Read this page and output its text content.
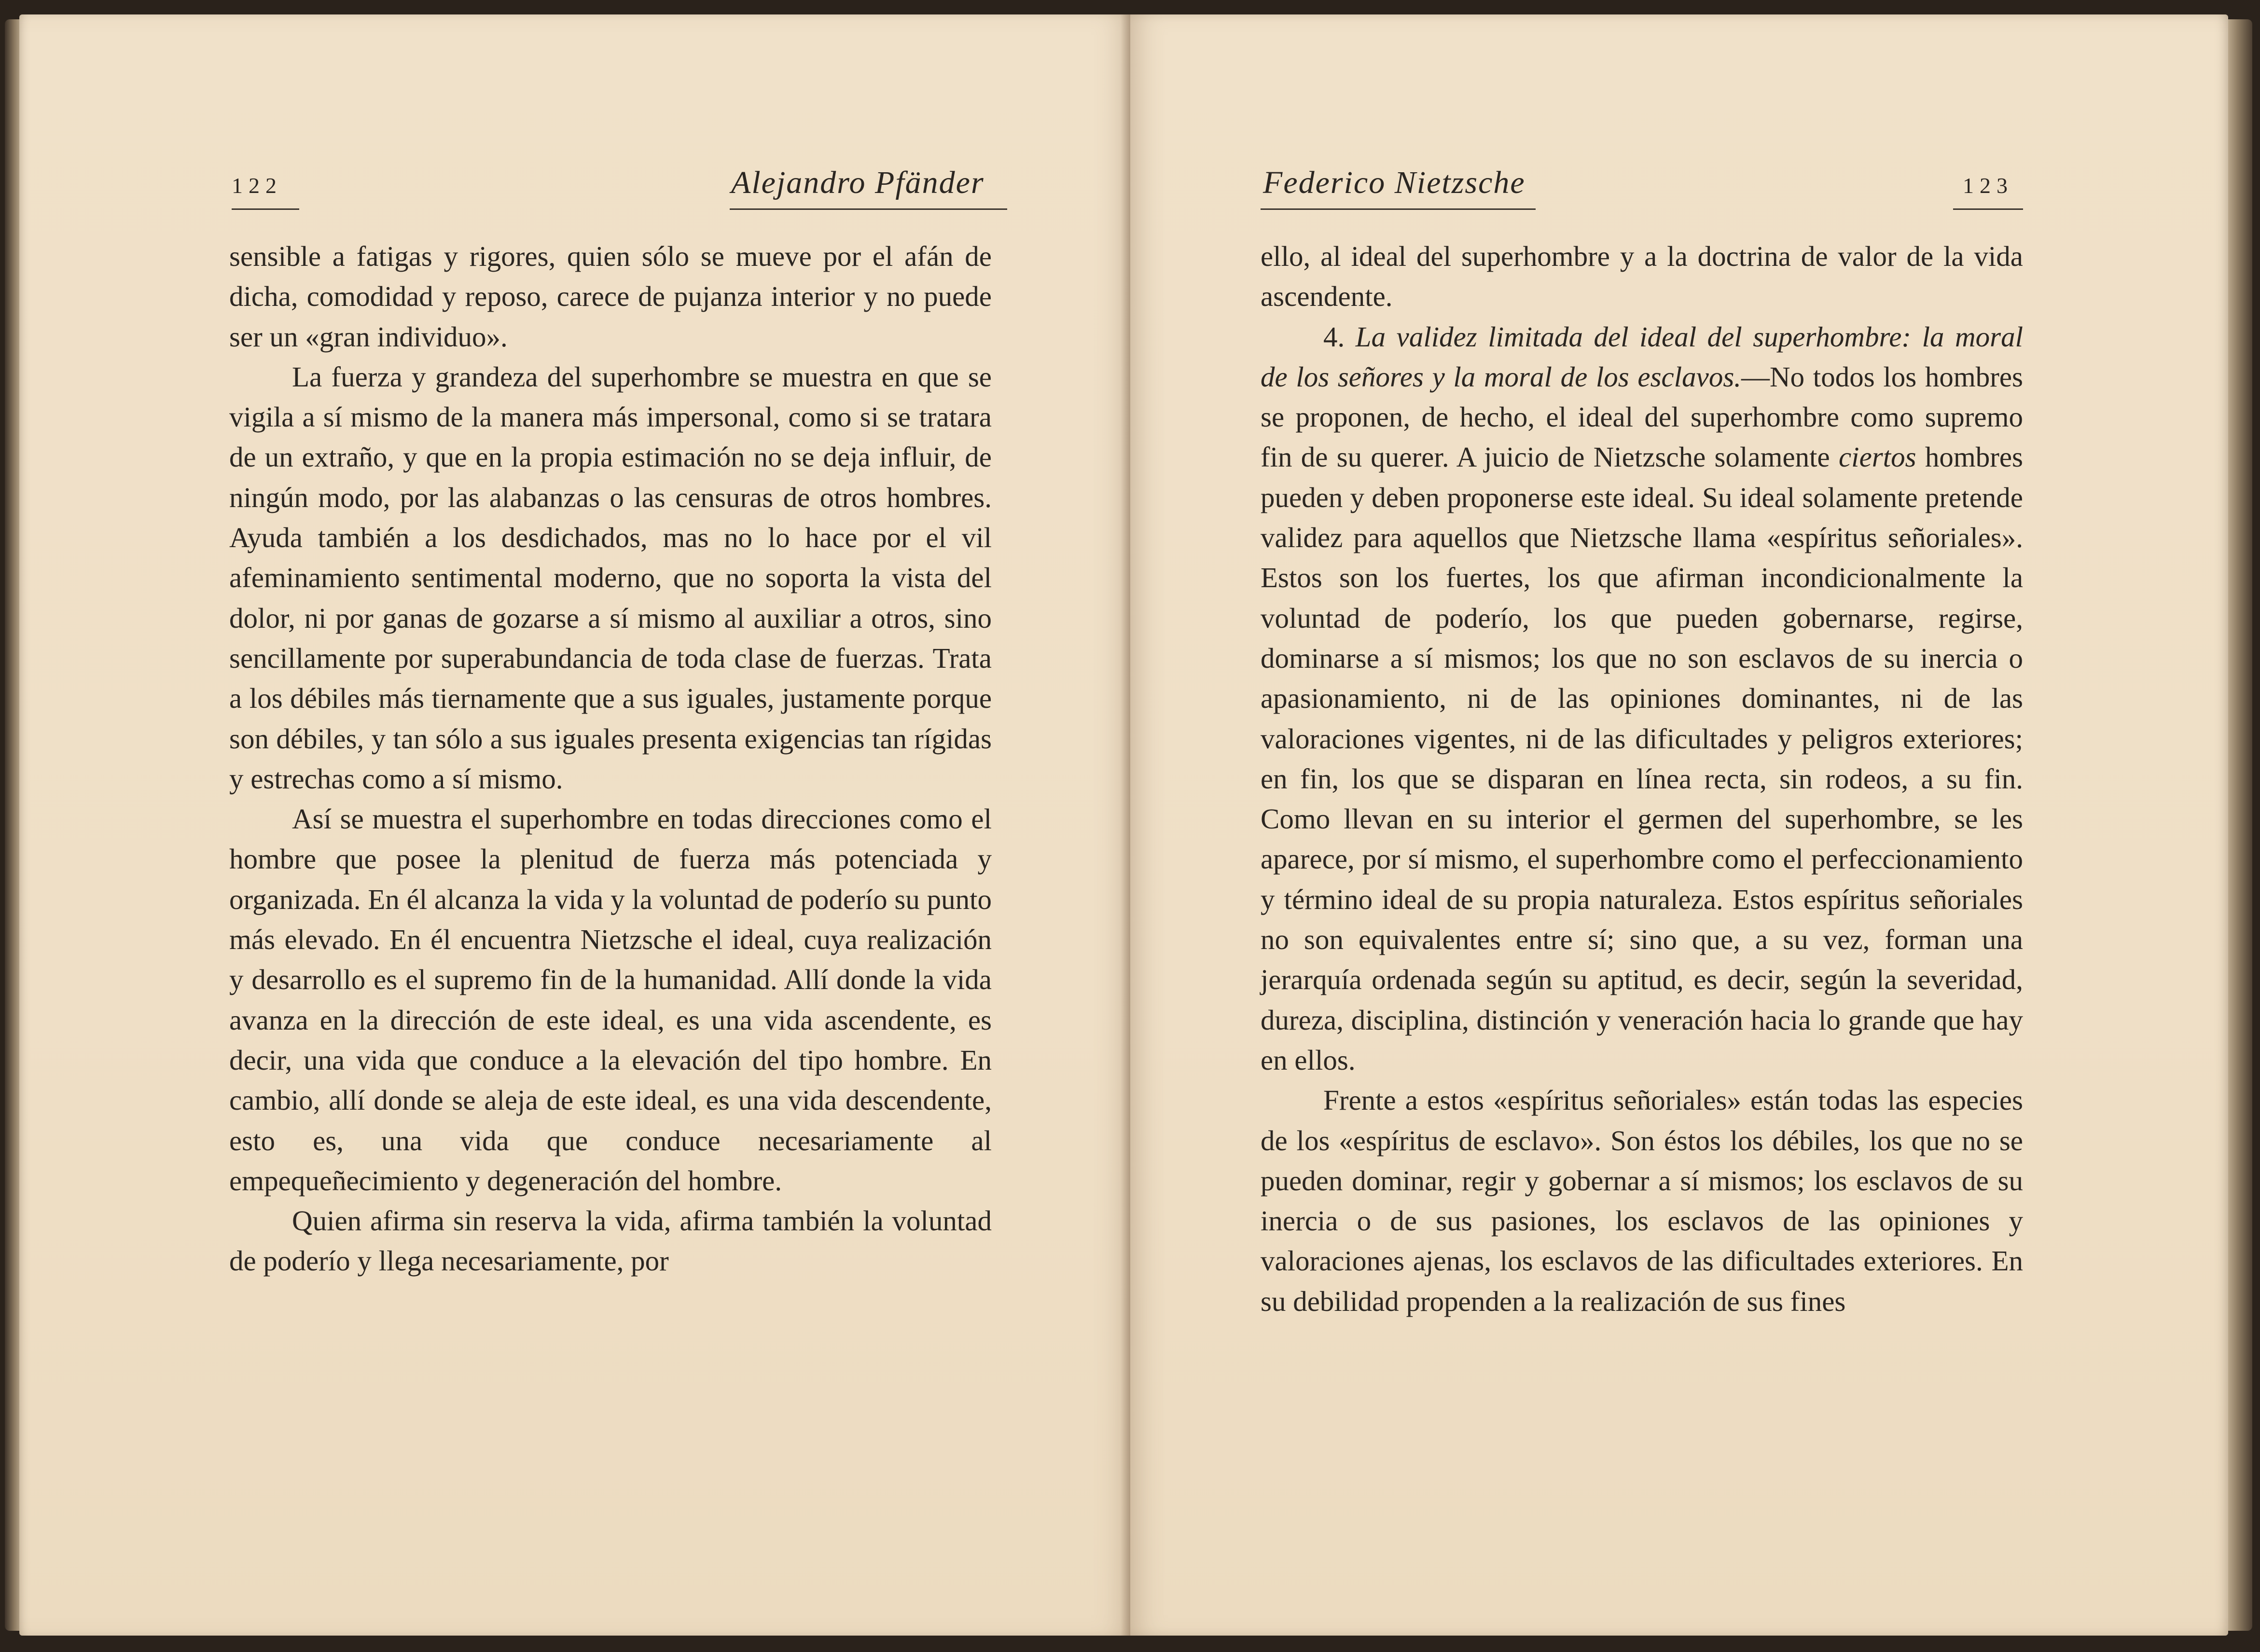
122	Alejandro Pfänder

sensible a fatigas y rigores, quien sólo se mueve por el afán de dicha, comodidad y reposo, carece de pujanza interior y no puede ser un «gran individuo».

La fuerza y grandeza del superhombre se muestra en que se vigila a sí mismo de la manera más impersonal, como si se tratara de un extraño, y que en la propia estimación no se deja influir, de ningún modo, por las alabanzas o las censuras de otros hombres. Ayuda también a los desdichados, mas no lo hace por el vil afeminamiento sentimental moderno, que no soporta la vista del dolor, ni por ganas de gozarse a sí mismo al auxiliar a otros, sino sencillamente por superabundancia de toda clase de fuerzas. Trata a los débiles más tiernamente que a sus iguales, justamente porque son débiles, y tan sólo a sus iguales presenta exigencias tan rígidas y estrechas como a sí mismo.

Así se muestra el superhombre en todas direcciones como el hombre que posee la plenitud de fuerza más potenciada y organizada. En él alcanza la vida y la voluntad de poderío su punto más elevado. En él encuentra Nietzsche el ideal, cuya realización y desarrollo es el supremo fin de la humanidad. Allí donde la vida avanza en la dirección de este ideal, es una vida ascendente, es decir, una vida que conduce a la elevación del tipo hombre. En cambio, allí donde se aleja de este ideal, es una vida descendente, esto es, una vida que conduce necesariamente al empequeñecimiento y degeneración del hombre.

Quien afirma sin reserva la vida, afirma también la voluntad de poderío y llega necesariamente, por

Federico Nietzsche	123

ello, al ideal del superhombre y a la doctrina de valor de la vida ascendente.

4. La validez limitada del ideal del superhombre: la moral de los señores y la moral de los esclavos.—No todos los hombres se proponen, de hecho, el ideal del superhombre como supremo fin de su querer. A juicio de Nietzsche solamente ciertos hombres pueden y deben proponerse este ideal. Su ideal solamente pretende validez para aquellos que Nietzsche llama «espíritus señoriales». Estos son los fuertes, los que afirman incondicionalmente la voluntad de poderío, los que pueden gobernarse, regirse, dominarse a sí mismos; los que no son esclavos de su inercia o apasionamiento, ni de las opiniones dominantes, ni de las valoraciones vigentes, ni de las dificultades y peligros exteriores; en fin, los que se disparan en línea recta, sin rodeos, a su fin. Como llevan en su interior el germen del superhombre, se les aparece, por sí mismo, el superhombre como el perfeccionamiento y término ideal de su propia naturaleza. Estos espíritus señoriales no son equivalentes entre sí; sino que, a su vez, forman una jerarquía ordenada según su aptitud, es decir, según la severidad, dureza, disciplina, distinción y veneración hacia lo grande que hay en ellos.

Frente a estos «espíritus señoriales» están todas las especies de los «espíritus de esclavo». Son éstos los débiles, los que no se pueden dominar, regir y gobernar a sí mismos; los esclavos de su inercia o de sus pasiones, los esclavos de las opiniones y valoraciones ajenas, los esclavos de las dificultades exteriores. En su debilidad propenden a la realización de sus fines
